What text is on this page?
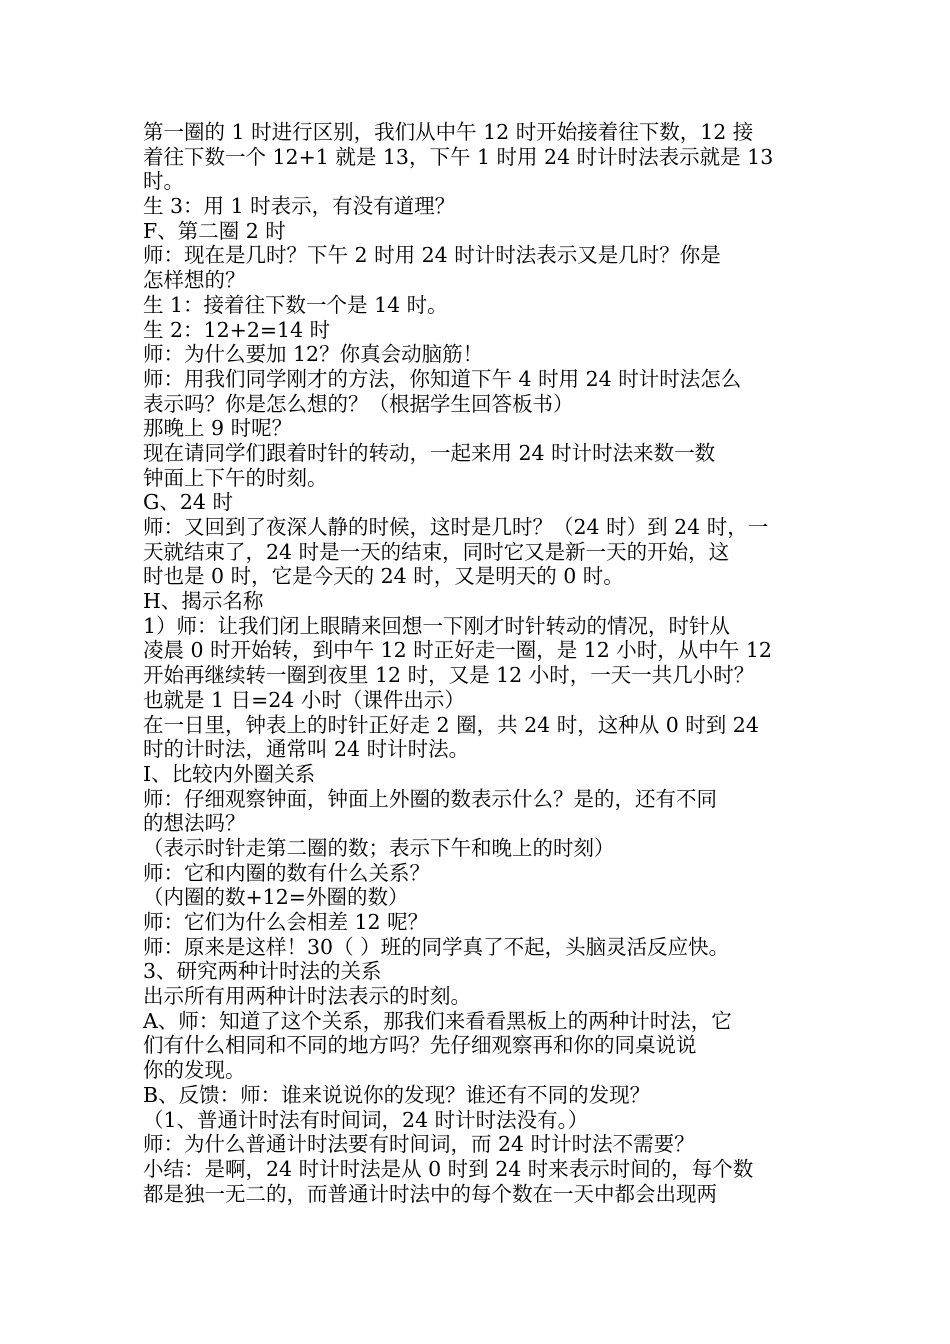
第一圈的 1 时进行区别，我们从中午 12 时开始接着往下数，12 接
着往下数一个 12+1 就是 13，下午 1 时用 24 时计时法表示就是 13
时。
生 3：用 1 时表示，有没有道理？
F、第二圈 2 时
师：现在是几时？下午 2 时用 24 时计时法表示又是几时？你是
怎样想的？
生 1：接着往下数一个是 14 时。
生 2：12+2=14 时
师：为什么要加 12？你真会动脑筋！
师：用我们同学刚才的方法，你知道下午 4 时用 24 时计时法怎么
表示吗？你是怎么想的？（根据学生回答板书）
那晚上 9 时呢？
现在请同学们跟着时针的转动，一起来用 24 时计时法来数一数
钟面上下午的时刻。
G、24 时
师：又回到了夜深人静的时候，这时是几时？（24 时）到 24 时，一
天就结束了，24 时是一天的结束，同时它又是新一天的开始，这
时也是 0 时，它是今天的 24 时，又是明天的 0 时。
H、揭示名称
1）师：让我们闭上眼睛来回想一下刚才时针转动的情况，时针从
凌晨 0 时开始转，到中午 12 时正好走一圈，是 12 小时，从中午 12
开始再继续转一圈到夜里 12 时，又是 12 小时，一天一共几小时？
也就是 1 日=24 小时（课件出示）
在一日里，钟表上的时针正好走 2 圈，共 24 时，这种从 0 时到 24
时的计时法，通常叫 24 时计时法。
I、比较内外圈关系
师：仔细观察钟面，钟面上外圈的数表示什么？是的，还有不同
的想法吗？
（表示时针走第二圈的数；表示下午和晚上的时刻）
师：它和内圈的数有什么关系？
（内圈的数+12=外圈的数）
师：它们为什么会相差 12 呢？
师：原来是这样！30（ ）班的同学真了不起，头脑灵活反应快。
3、研究两种计时法的关系
出示所有用两种计时法表示的时刻。
A、师：知道了这个关系，那我们来看看黑板上的两种计时法，它
们有什么相同和不同的地方吗？先仔细观察再和你的同桌说说
你的发现。
B、反馈：师：谁来说说你的发现？谁还有不同的发现？
（1、普通计时法有时间词，24 时计时法没有。）
师：为什么普通计时法要有时间词，而 24 时计时法不需要？
小结：是啊，24 时计时法是从 0 时到 24 时来表示时间的，每个数
都是独一无二的，而普通计时法中的每个数在一天中都会出现两
